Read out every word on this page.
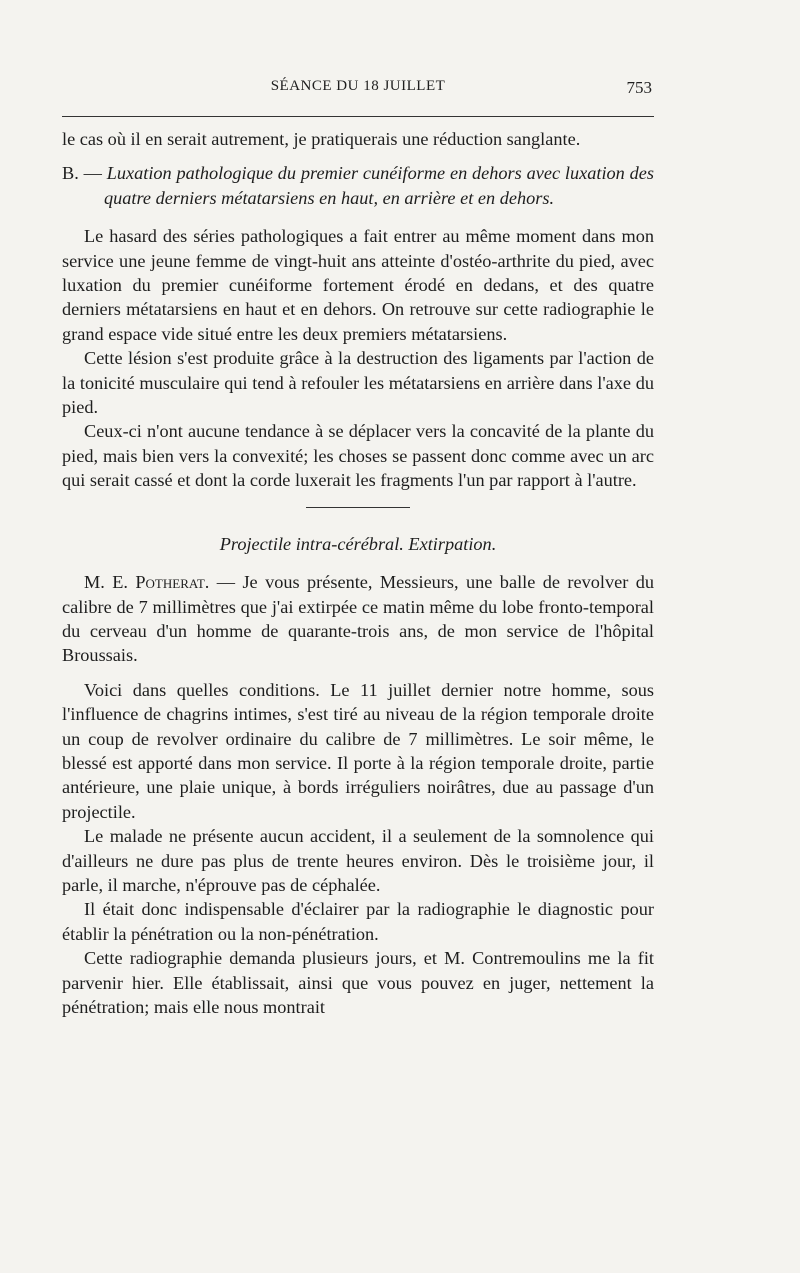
SÉANCE DU 18 JUILLET	753

le cas où il en serait autrement, je pratiquerais une réduction sanglante.

B. — Luxation pathologique du premier cunéiforme en dehors avec luxation des quatre derniers métatarsiens en haut, en arrière et en dehors.

Le hasard des séries pathologiques a fait entrer au même moment dans mon service une jeune femme de vingt-huit ans atteinte d'ostéo-arthrite du pied, avec luxation du premier cunéiforme fortement érodé en dedans, et des quatre derniers métatarsiens en haut et en dehors. On retrouve sur cette radiographie le grand espace vide situé entre les deux premiers métatarsiens.

Cette lésion s'est produite grâce à la destruction des ligaments par l'action de la tonicité musculaire qui tend à refouler les métatarsiens en arrière dans l'axe du pied.

Ceux-ci n'ont aucune tendance à se déplacer vers la concavité de la plante du pied, mais bien vers la convexité; les choses se passent donc comme avec un arc qui serait cassé et dont la corde luxerait les fragments l'un par rapport à l'autre.

Projectile intra-cérébral. Extirpation.

M. E. Potherat. — Je vous présente, Messieurs, une balle de revolver du calibre de 7 millimètres que j'ai extirpée ce matin même du lobe fronto-temporal du cerveau d'un homme de quarante-trois ans, de mon service de l'hôpital Broussais.

Voici dans quelles conditions. Le 11 juillet dernier notre homme, sous l'influence de chagrins intimes, s'est tiré au niveau de la région temporale droite un coup de revolver ordinaire du calibre de 7 millimètres. Le soir même, le blessé est apporté dans mon service. Il porte à la région temporale droite, partie antérieure, une plaie unique, à bords irréguliers noirâtres, due au passage d'un projectile.

Le malade ne présente aucun accident, il a seulement de la somnolence qui d'ailleurs ne dure pas plus de trente heures environ. Dès le troisième jour, il parle, il marche, n'éprouve pas de céphalée.

Il était donc indispensable d'éclairer par la radiographie le diagnostic pour établir la pénétration ou la non-pénétration.

Cette radiographie demanda plusieurs jours, et M. Contremoulins me la fit parvenir hier. Elle établissait, ainsi que vous pouvez en juger, nettement la pénétration; mais elle nous montrait
